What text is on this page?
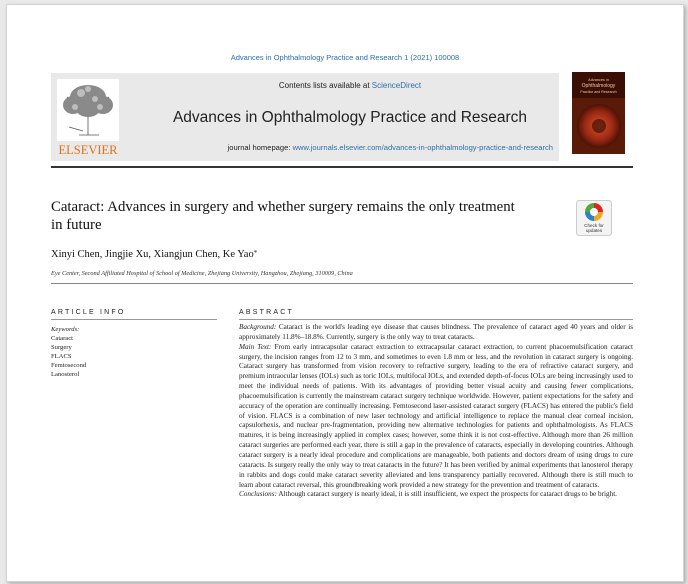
Advances in Ophthalmology Practice and Research 1 (2021) 100008
ELSEVIER
Contents lists available at ScienceDirect
Advances in Ophthalmology Practice and Research
journal homepage: www.journals.elsevier.com/advances-in-ophthalmology-practice-and-research
Advances in
Ophthalmology
Practice and Research
Cataract: Advances in surgery and whether surgery remains the only treatment in future	Check for
updates
Xinyi Chen, Jingjie Xu, Xiangjun Chen, Ke Yao*
Eye Center, Second Affiliated Hospital of School of Medicine, Zhejiang University, Hangzhou, Zhejiang, 310009, China
ARTICLE INFO
Keywords:
Cataract
Surgery
FLACS
Femtosecond
Lanosterol
ABSTRACT

Background: Cataract is the world's leading eye disease that causes blindness. The prevalence of cataract aged 40 years and older is approximately 11.8%–18.8%. Currently, surgery is the only way to treat cataracts.

Main Text: From early intracapsular cataract extraction to extracapsular cataract extraction, to current phacoemulsification cataract surgery, the incision ranges from 12 to 3 mm, and sometimes to even 1.8 mm or less, and the revolution in cataract surgery is ongoing. Cataract surgery has transformed from vision recovery to refractive surgery, leading to the era of refractive cataract surgery, and premium intraocular lenses (IOLs) such as toric IOLs, multifocal IOLs, and extended depth-of-focus IOLs are being increasingly used to meet the individual needs of patients. With its advantages of providing better visual acuity and causing fewer complications, phacoemulsification is currently the mainstream cataract surgery technique worldwide. However, patient expectations for the safety and accuracy of the operation are continually increasing. Femtosecond laser-assisted cataract surgery (FLACS) has entered the public's field of vision. FLACS is a combination of new laser technology and artificial intelligence to replace the manual clear corneal incision, capsulorhexis, and nuclear pre-fragmentation, providing new alternative technologies for patients and ophthalmologists. As FLACS matures, it is being increasingly applied in complex cases; however, some think it is not cost-effective. Although more than 26 million cataract surgeries are performed each year, there is still a gap in the prevalence of cataracts, especially in developing countries. Although cataract surgery is a nearly ideal procedure and complications are manageable, both patients and doctors dream of using drugs to cure cataracts. Is surgery really the only way to treat cataracts in the future? It has been verified by animal experiments that lanosterol therapy in rabbits and dogs could make cataract severity alleviated and lens transparency partially recovered. Although there is still much to learn about cataract reversal, this groundbreaking work provided a new strategy for the prevention and treatment of cataracts.

Conclusions: Although cataract surgery is nearly ideal, it is still insufficient, we expect the prospects for cataract drugs to be bright.
